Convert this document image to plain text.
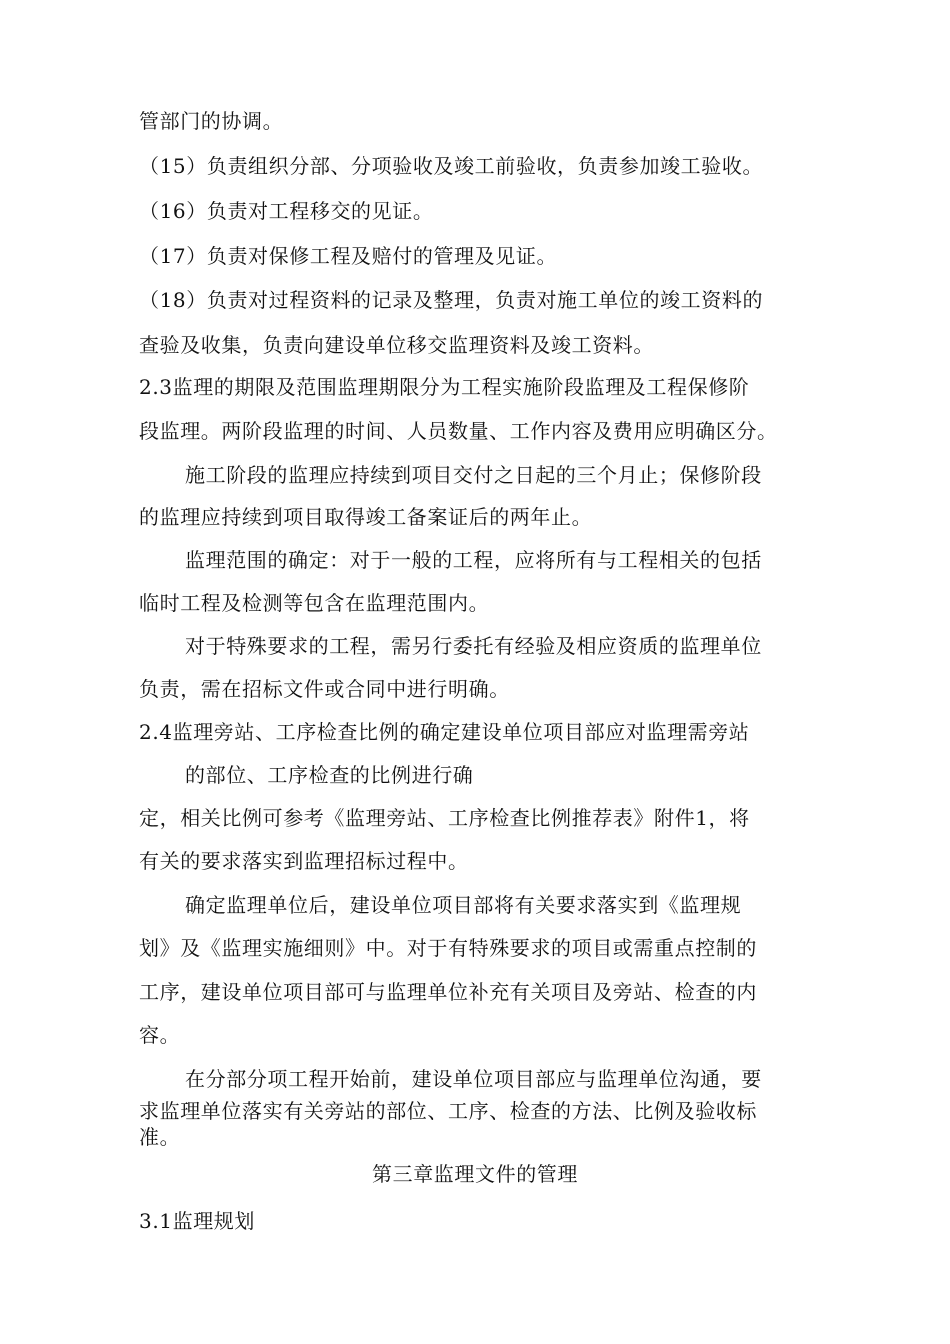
管部门的协调。
（15）负责组织分部、分项验收及竣工前验收，负责参加竣工验收。
（16）负责对工程移交的见证。
（17）负责对保修工程及赔付的管理及见证。
（18）负责对过程资料的记录及整理，负责对施工单位的竣工资料的
查验及收集，负责向建设单位移交监理资料及竣工资料。
2.3监理的期限及范围监理期限分为工程实施阶段监理及工程保修阶
段监理。两阶段监理的时间、人员数量、工作内容及费用应明确区分。
施工阶段的监理应持续到项目交付之日起的三个月止；保修阶段
的监理应持续到项目取得竣工备案证后的两年止。
监理范围的确定：对于一般的工程，应将所有与工程相关的包括
临时工程及检测等包含在监理范围内。
对于特殊要求的工程，需另行委托有经验及相应资质的监理单位
负责，需在招标文件或合同中进行明确。
2.4监理旁站、工序检查比例的确定建设单位项目部应对监理需旁站
的部位、工序检查的比例进行确
定，相关比例可参考《监理旁站、工序检查比例推荐表》附件1，将
有关的要求落实到监理招标过程中。
确定监理单位后，建设单位项目部将有关要求落实到《监理规
划》及《监理实施细则》中。对于有特殊要求的项目或需重点控制的
工序，建设单位项目部可与监理单位补充有关项目及旁站、检查的内
容。
在分部分项工程开始前，建设单位项目部应与监理单位沟通，要
求监理单位落实有关旁站的部位、工序、检查的方法、比例及验收标
准。
第三章监理文件的管理
3.1监理规划
